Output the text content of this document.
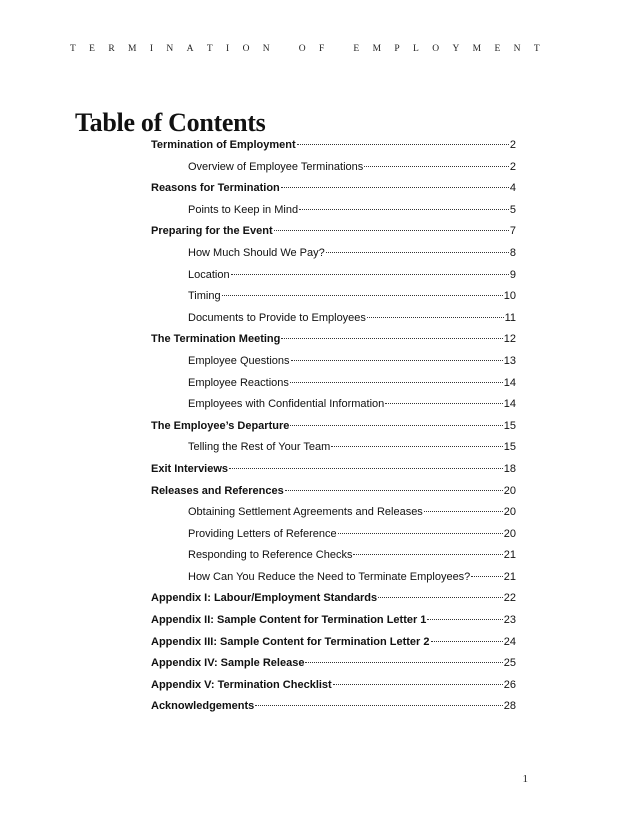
T E R M I N A T I O N
	O F
	E M P L O Y M E N T
Table of Contents
Termination of Employment	2
Overview of Employee Terminations	2
Reasons for Termination	4
Points to Keep in Mind	5
Preparing for the Event	7
How Much Should We Pay?	8
Location	9
Timing	10
Documents to Provide to Employees	11
The Termination Meeting	12
Employee Questions	13
Employee Reactions	14
Employees with Confidential Information	14
The Employee’s Departure	15
Telling the Rest of Your Team	15
Exit Interviews	18
Releases and References	20
Obtaining Settlement Agreements and Releases	20
Providing Letters of Reference	20
Responding to Reference Checks	21
How Can You Reduce the Need to Terminate Employees?	21
Appendix I: Labour/Employment Standards	22
Appendix II: Sample Content for Termination Letter 1	23
Appendix III: Sample Content for Termination Letter 2	24
Appendix IV: Sample Release	25
Appendix V: Termination Checklist	26
Acknowledgements	28
1
